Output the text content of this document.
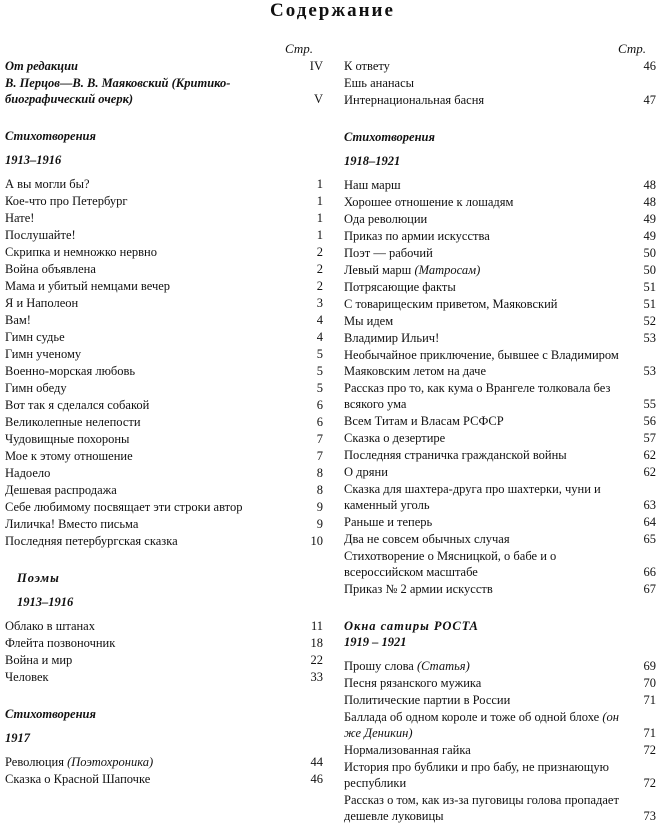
Содержание
Стр.
От редакции	IV
В. Перцов—В. В. Маяковский (Критико-биографический очерк)	V
Стихотворения
1913–1916
А вы могли бы?	1
Кое-что про Петербург	1
Нате!	1
Послушайте!	1
Скрипка и немножко нервно	2
Война объявлена	2
Мама и убитый немцами вечер	2
Я и Наполеон	3
Вам!	4
Гимн судье	4
Гимн ученому	5
Военно-морская любовь	5
Гимн обеду	5
Вот так я сделался собакой	6
Великолепные нелепости	6
Чудовищные похороны	7
Мое к этому отношение	7
Надоело	8
Дешевая распродажа	8
Себе любимому посвящает эти строки автор	9
Лиличка! Вместо письма	9
Последняя петербургская сказка	10
Поэмы
1913–1916
Облако в штанах	11
Флейта позвоночник	18
Война и мир	22
Человек	33
Стихотворения
1917
Революция (Поэтохроника)	44
Сказка о Красной Шапочке	46
Стр.
К ответу	46
Ешь ананасы
Интернациональная басня	47
Стихотворения
1918–1921
Наш марш	48
Хорошее отношение к лошадям	48
Ода революции	49
Приказ по армии искусства	49
Поэт — рабочий	50
Левый марш (Матросам)	50
Потрясающие факты	51
С товарищеским приветом, Маяковский	51
Мы идем	52
Владимир Ильич!	53
Необычайное приключение, бывшее с Владимиром Маяковским летом на даче	53
Рассказ про то, как кума о Врангеле толковала без всякого ума	55
Всем Титам и Власам РСФСР	56
Сказка о дезертире	57
Последняя страничка гражданской войны	62
О дряни	62
Сказка для шахтера-друга про шахтерки, чуни и каменный уголь	63
Раньше и теперь	64
Два не совсем обычных случая	65
Стихотворение о Мясницкой, о бабе и о всероссийском масштабе	66
Приказ № 2 армии искусств	67
Окна сатиры РОСТА
1919 – 1921
Прошу слова (Статья)	69
Песня рязанского мужика	70
Политические партии в России	71
Баллада об одном короле и тоже об одной блохе (он же Деникин)	71
Нормализованная гайка	72
История про бублики и про бабу, не признающую республики	72
Рассказ о том, как из-за пуговицы голова пропадает дешевле луковицы	73
